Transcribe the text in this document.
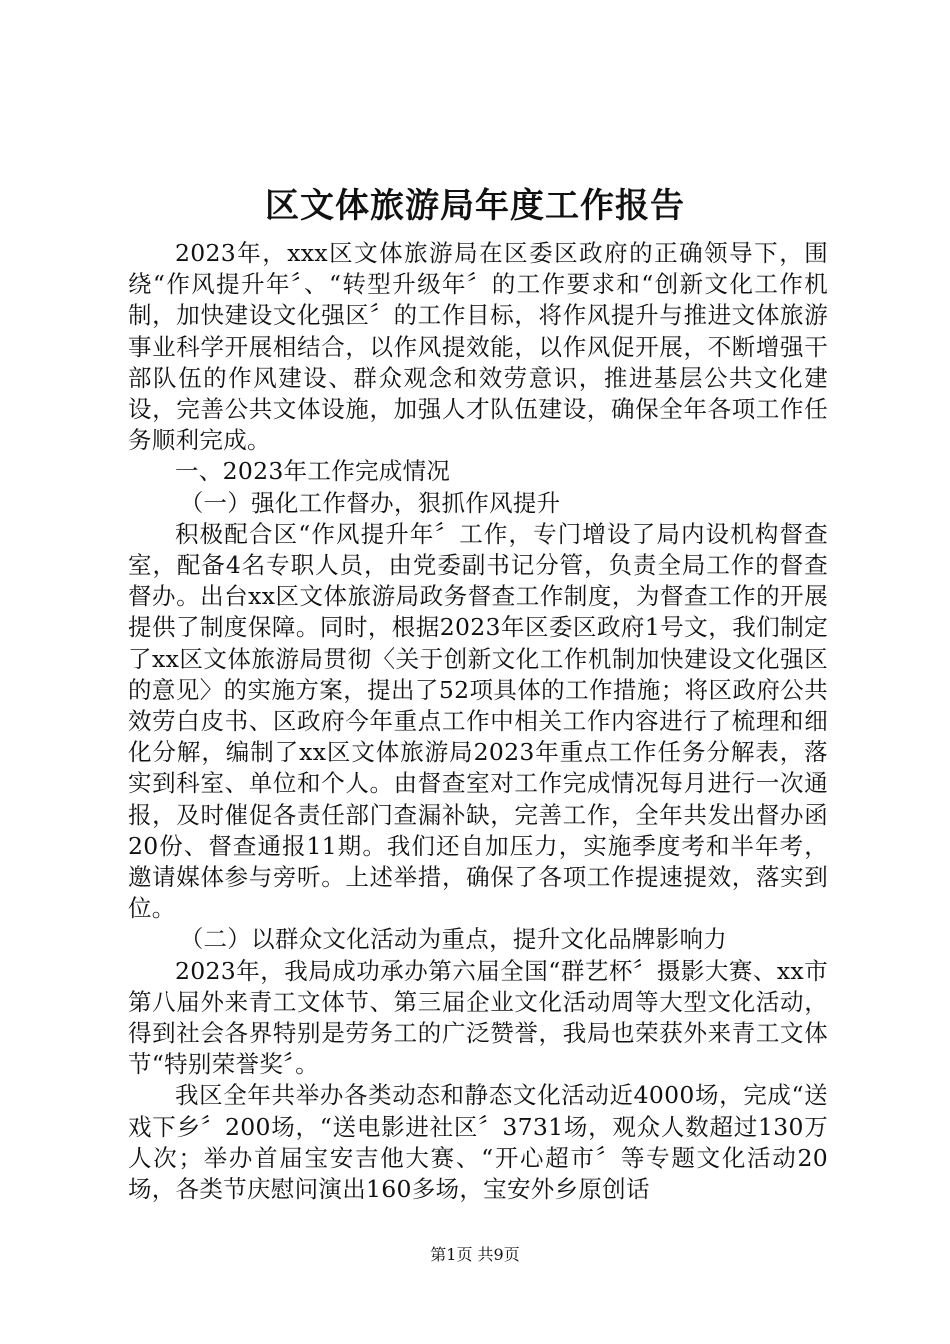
区文体旅游局年度工作报告

2023年，xxx区文体旅游局在区委区政府的正确领导下，围绕“作风提升年〞、“转型升级年〞的工作要求和“创新文化工作机制，加快建设文化强区〞的工作目标，将作风提升与推进文体旅游事业科学开展相结合，以作风提效能，以作风促开展，不断增强干部队伍的作风建设、群众观念和效劳意识，推进基层公共文化建设，完善公共文体设施，加强人才队伍建设，确保全年各项工作任务顺利完成。

一、2023年工作完成情况

（一）强化工作督办，狠抓作风提升

积极配合区“作风提升年〞工作，专门增设了局内设机构督查室，配备4名专职人员，由党委副书记分管，负责全局工作的督查督办。出台xx区文体旅游局政务督查工作制度，为督查工作的开展提供了制度保障。同时，根据2023年区委区政府1号文，我们制定了xx区文体旅游局贯彻〈关于创新文化工作机制加快建设文化强区的意见〉的实施方案，提出了52项具体的工作措施；将区政府公共效劳白皮书、区政府今年重点工作中相关工作内容进行了梳理和细化分解，编制了xx区文体旅游局2023年重点工作任务分解表，落实到科室、单位和个人。由督查室对工作完成情况每月进行一次通报，及时催促各责任部门查漏补缺，完善工作，全年共发出督办函20份、督查通报11期。我们还自加压力，实施季度考和半年考，邀请媒体参与旁听。上述举措，确保了各项工作提速提效，落实到位。

（二）以群众文化活动为重点，提升文化品牌影响力

2023年，我局成功承办第六届全国“群艺杯〞摄影大赛、xx市第八届外来青工文体节、第三届企业文化活动周等大型文化活动，得到社会各界特别是劳务工的广泛赞誉，我局也荣获外来青工文体节“特别荣誉奖〞。

我区全年共举办各类动态和静态文化活动近4000场，完成“送戏下乡〞200场，“送电影进社区〞3731场，观众人数超过130万人次；举办首届宝安吉他大赛、“开心超市〞等专题文化活动20场，各类节庆慰问演出160多场，宝安外乡原创话

第1页 共9页
